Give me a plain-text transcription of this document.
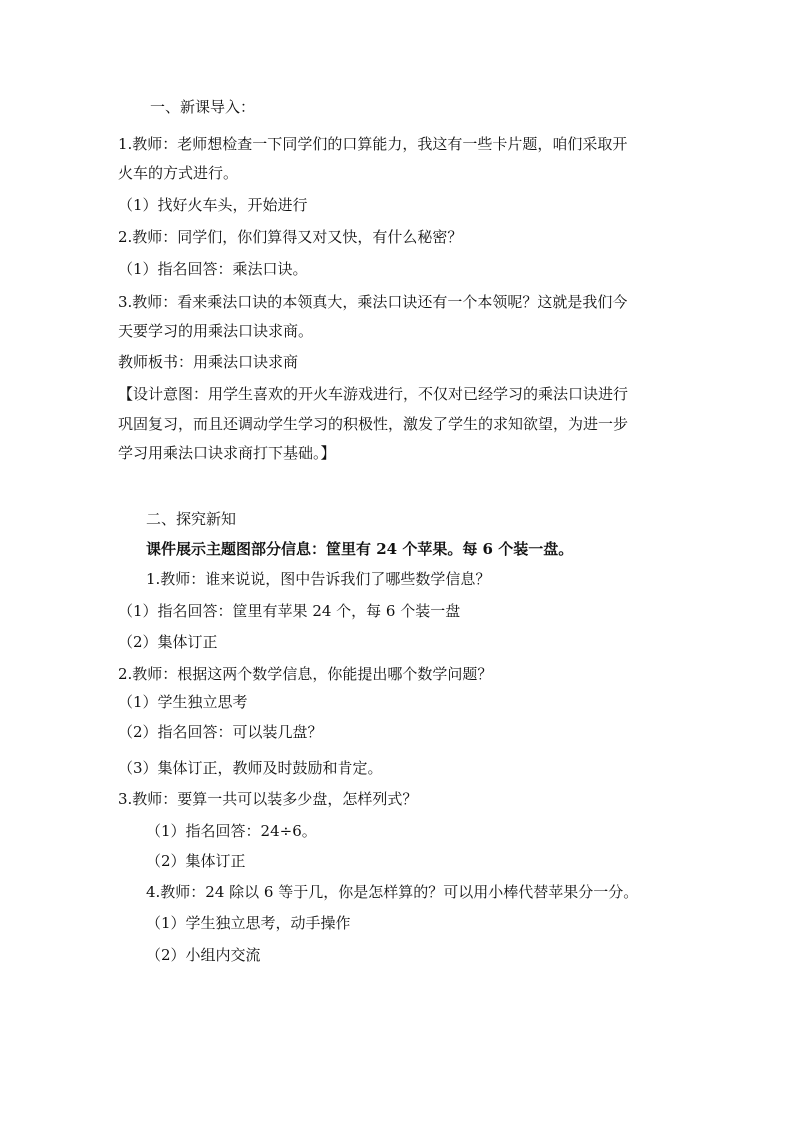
一、新课导入：
1.教师：老师想检查一下同学们的口算能力，我这有一些卡片题，咱们采取开
火车的方式进行。
（1）找好火车头，开始进行
2.教师：同学们，你们算得又对又快，有什么秘密？
（1）指名回答：乘法口诀。
3.教师：看来乘法口诀的本领真大，乘法口诀还有一个本领呢？这就是我们今
天要学习的用乘法口诀求商。
教师板书：用乘法口诀求商
【设计意图：用学生喜欢的开火车游戏进行，不仅对已经学习的乘法口诀进行
巩固复习，而且还调动学生学习的积极性，激发了学生的求知欲望，为进一步
学习用乘法口诀求商打下基础。】
二、探究新知
课件展示主题图部分信息：筐里有 24 个苹果。每 6 个装一盘。
1.教师：谁来说说，图中告诉我们了哪些数学信息？
（1）指名回答：筐里有苹果 24 个，每 6 个装一盘
（2）集体订正
2.教师：根据这两个数学信息，你能提出哪个数学问题？
（1）学生独立思考
（2）指名回答：可以装几盘？
（3）集体订正，教师及时鼓励和肯定。
3.教师：要算一共可以装多少盘，怎样列式？
（1）指名回答：24÷6。
（2）集体订正
4.教师：24 除以 6 等于几，你是怎样算的？可以用小棒代替苹果分一分。
（1）学生独立思考，动手操作
（2）小组内交流
